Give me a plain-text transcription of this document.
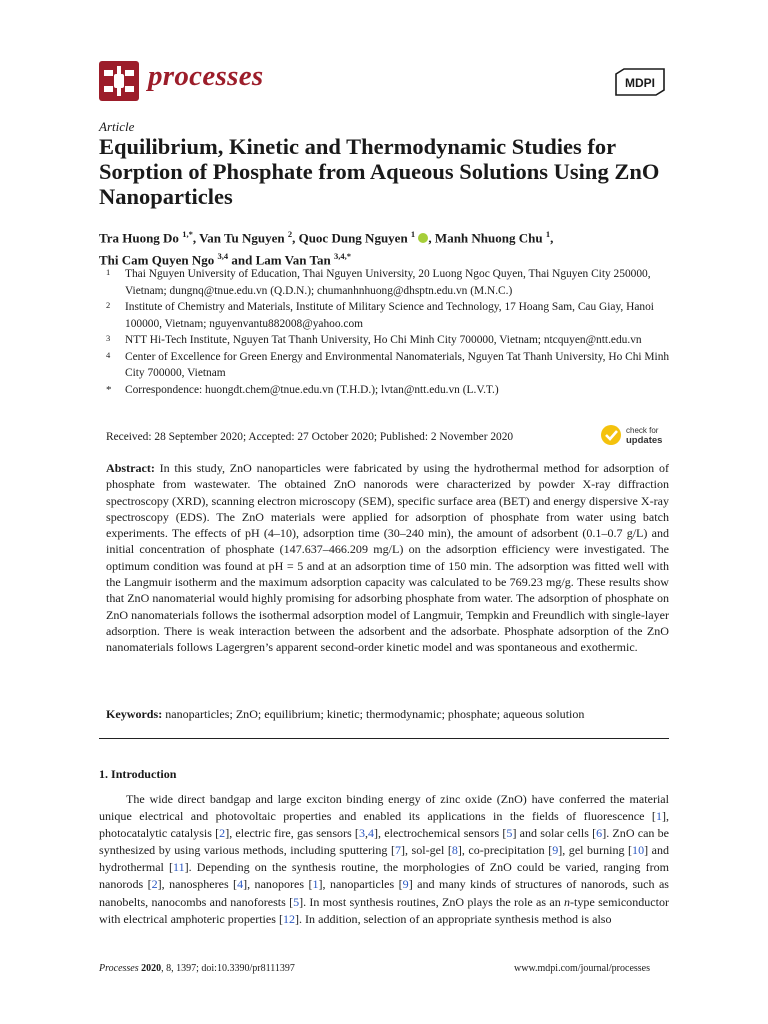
processes	MDPI
Article
Equilibrium, Kinetic and Thermodynamic Studies for Sorption of Phosphate from Aqueous Solutions Using ZnO Nanoparticles
Tra Huong Do $^{1,*}$, Van Tu Nguyen $^2$, Quoc Dung Nguyen $^1$ , Manh Nhuong Chu $^1$,
Thi Cam Quyen Ngo $^{3,4}$ and Lam Van Tan $^{3,4,*}$
1	Thai Nguyen University of Education, Thai Nguyen University, 20 Luong Ngoc Quyen, Thai Nguyen City 250000, Vietnam; dungnq@tnue.edu.vn (Q.D.N.); chumanhnhuong@dhsptn.edu.vn (M.N.C.)
2	Institute of Chemistry and Materials, Institute of Military Science and Technology, 17 Hoang Sam, Cau Giay, Hanoi 100000, Vietnam; nguyenvantu882008@yahoo.com
3	NTT Hi-Tech Institute, Nguyen Tat Thanh University, Ho Chi Minh City 700000, Vietnam; ntcquyen@ntt.edu.vn
4	Center of Excellence for Green Energy and Environmental Nanomaterials, Nguyen Tat Thanh University, Ho Chi Minh City 700000, Vietnam
*	Correspondence: huongdt.chem@tnue.edu.vn (T.H.D.); lvtan@ntt.edu.vn (L.V.T.)
Received: 28 September 2020; Accepted: 27 October 2020; Published: 2 November 2020
check for
updates
Abstract: In this study, ZnO nanoparticles were fabricated by using the hydrothermal method for adsorption of phosphate from wastewater. The obtained ZnO nanorods were characterized by powder X-ray diffraction spectroscopy (XRD), scanning electron microscopy (SEM), specific surface area (BET) and energy dispersive X-ray spectroscopy (EDS). The ZnO materials were applied for adsorption of phosphate from water using batch experiments. The effects of pH (4–10), adsorption time (30–240 min), the amount of adsorbent (0.1–0.7 g/L) and initial concentration of phosphate (147.637–466.209 mg/L) on the adsorption efficiency were investigated. The optimum condition was found at pH = 5 and at an adsorption time of 150 min. The adsorption was fitted well with the Langmuir isotherm and the maximum adsorption capacity was calculated to be 769.23 mg/g. These results show that ZnO nanomaterial would highly promising for adsorbing phosphate from water. The adsorption of phosphate on ZnO nanomaterials follows the isothermal adsorption model of Langmuir, Tempkin and Freundlich with single-layer adsorption. There is weak interaction between the adsorbent and the adsorbate. Phosphate adsorption of the ZnO nanomaterials follows Lagergren’s apparent second-order kinetic model and was spontaneous and exothermic.
Keywords: nanoparticles; ZnO; equilibrium; kinetic; thermodynamic; phosphate; aqueous solution
1. Introduction
The wide direct bandgap and large exciton binding energy of zinc oxide (ZnO) have conferred the material unique electrical and photovoltaic properties and enabled its applications in the fields of fluorescence [1], photocatalytic catalysis [2], electric fire, gas sensors [3,4], electrochemical sensors [5] and solar cells [6]. ZnO can be synthesized by using various methods, including sputtering [7], sol-gel [8], co-precipitation [9], gel burning [10] and hydrothermal [11]. Depending on the synthesis routine, the morphologies of ZnO could be varied, ranging from nanorods [2], nanospheres [4], nanopores [1], nanoparticles [9] and many kinds of structures of nanorods, such as nanobelts, nanocombs and nanoforests [5]. In most synthesis routines, ZnO plays the role as an n-type semiconductor with electrical amphoteric properties [12]. In addition, selection of an appropriate synthesis method is also
Processes 2020, 8, 1397; doi:10.3390/pr8111397	www.mdpi.com/journal/processes
